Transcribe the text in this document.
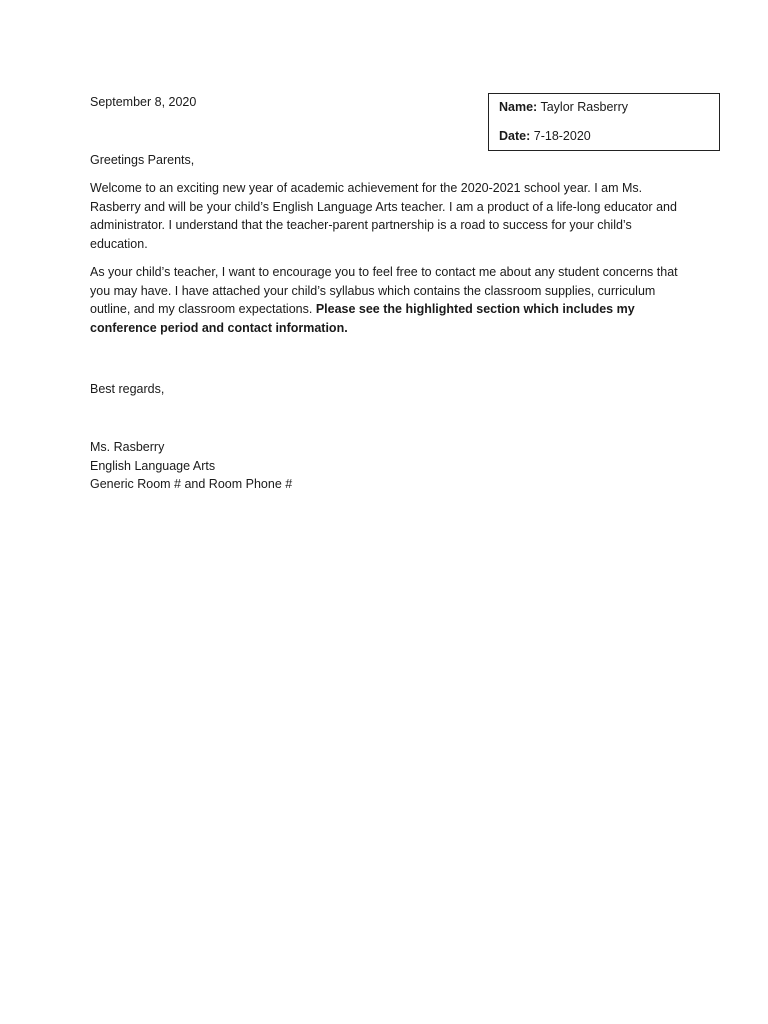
September 8, 2020	Name: Taylor Rasberry
Date: 7-18-2020

Greetings Parents,

Welcome to an exciting new year of academic achievement for the 2020-2021 school year. I am Ms. Rasberry and will be your child’s English Language Arts teacher. I am a product of a life-long educator and administrator. I understand that the teacher-parent partnership is a road to success for your child’s education.

As your child’s teacher, I want to encourage you to feel free to contact me about any student concerns that you may have. I have attached your child’s syllabus which contains the classroom supplies, curriculum outline, and my classroom expectations. Please see the highlighted section which includes my conference period and contact information.

Best regards,
Ms. Rasberry
English Language Arts
Generic Room # and Room Phone #
